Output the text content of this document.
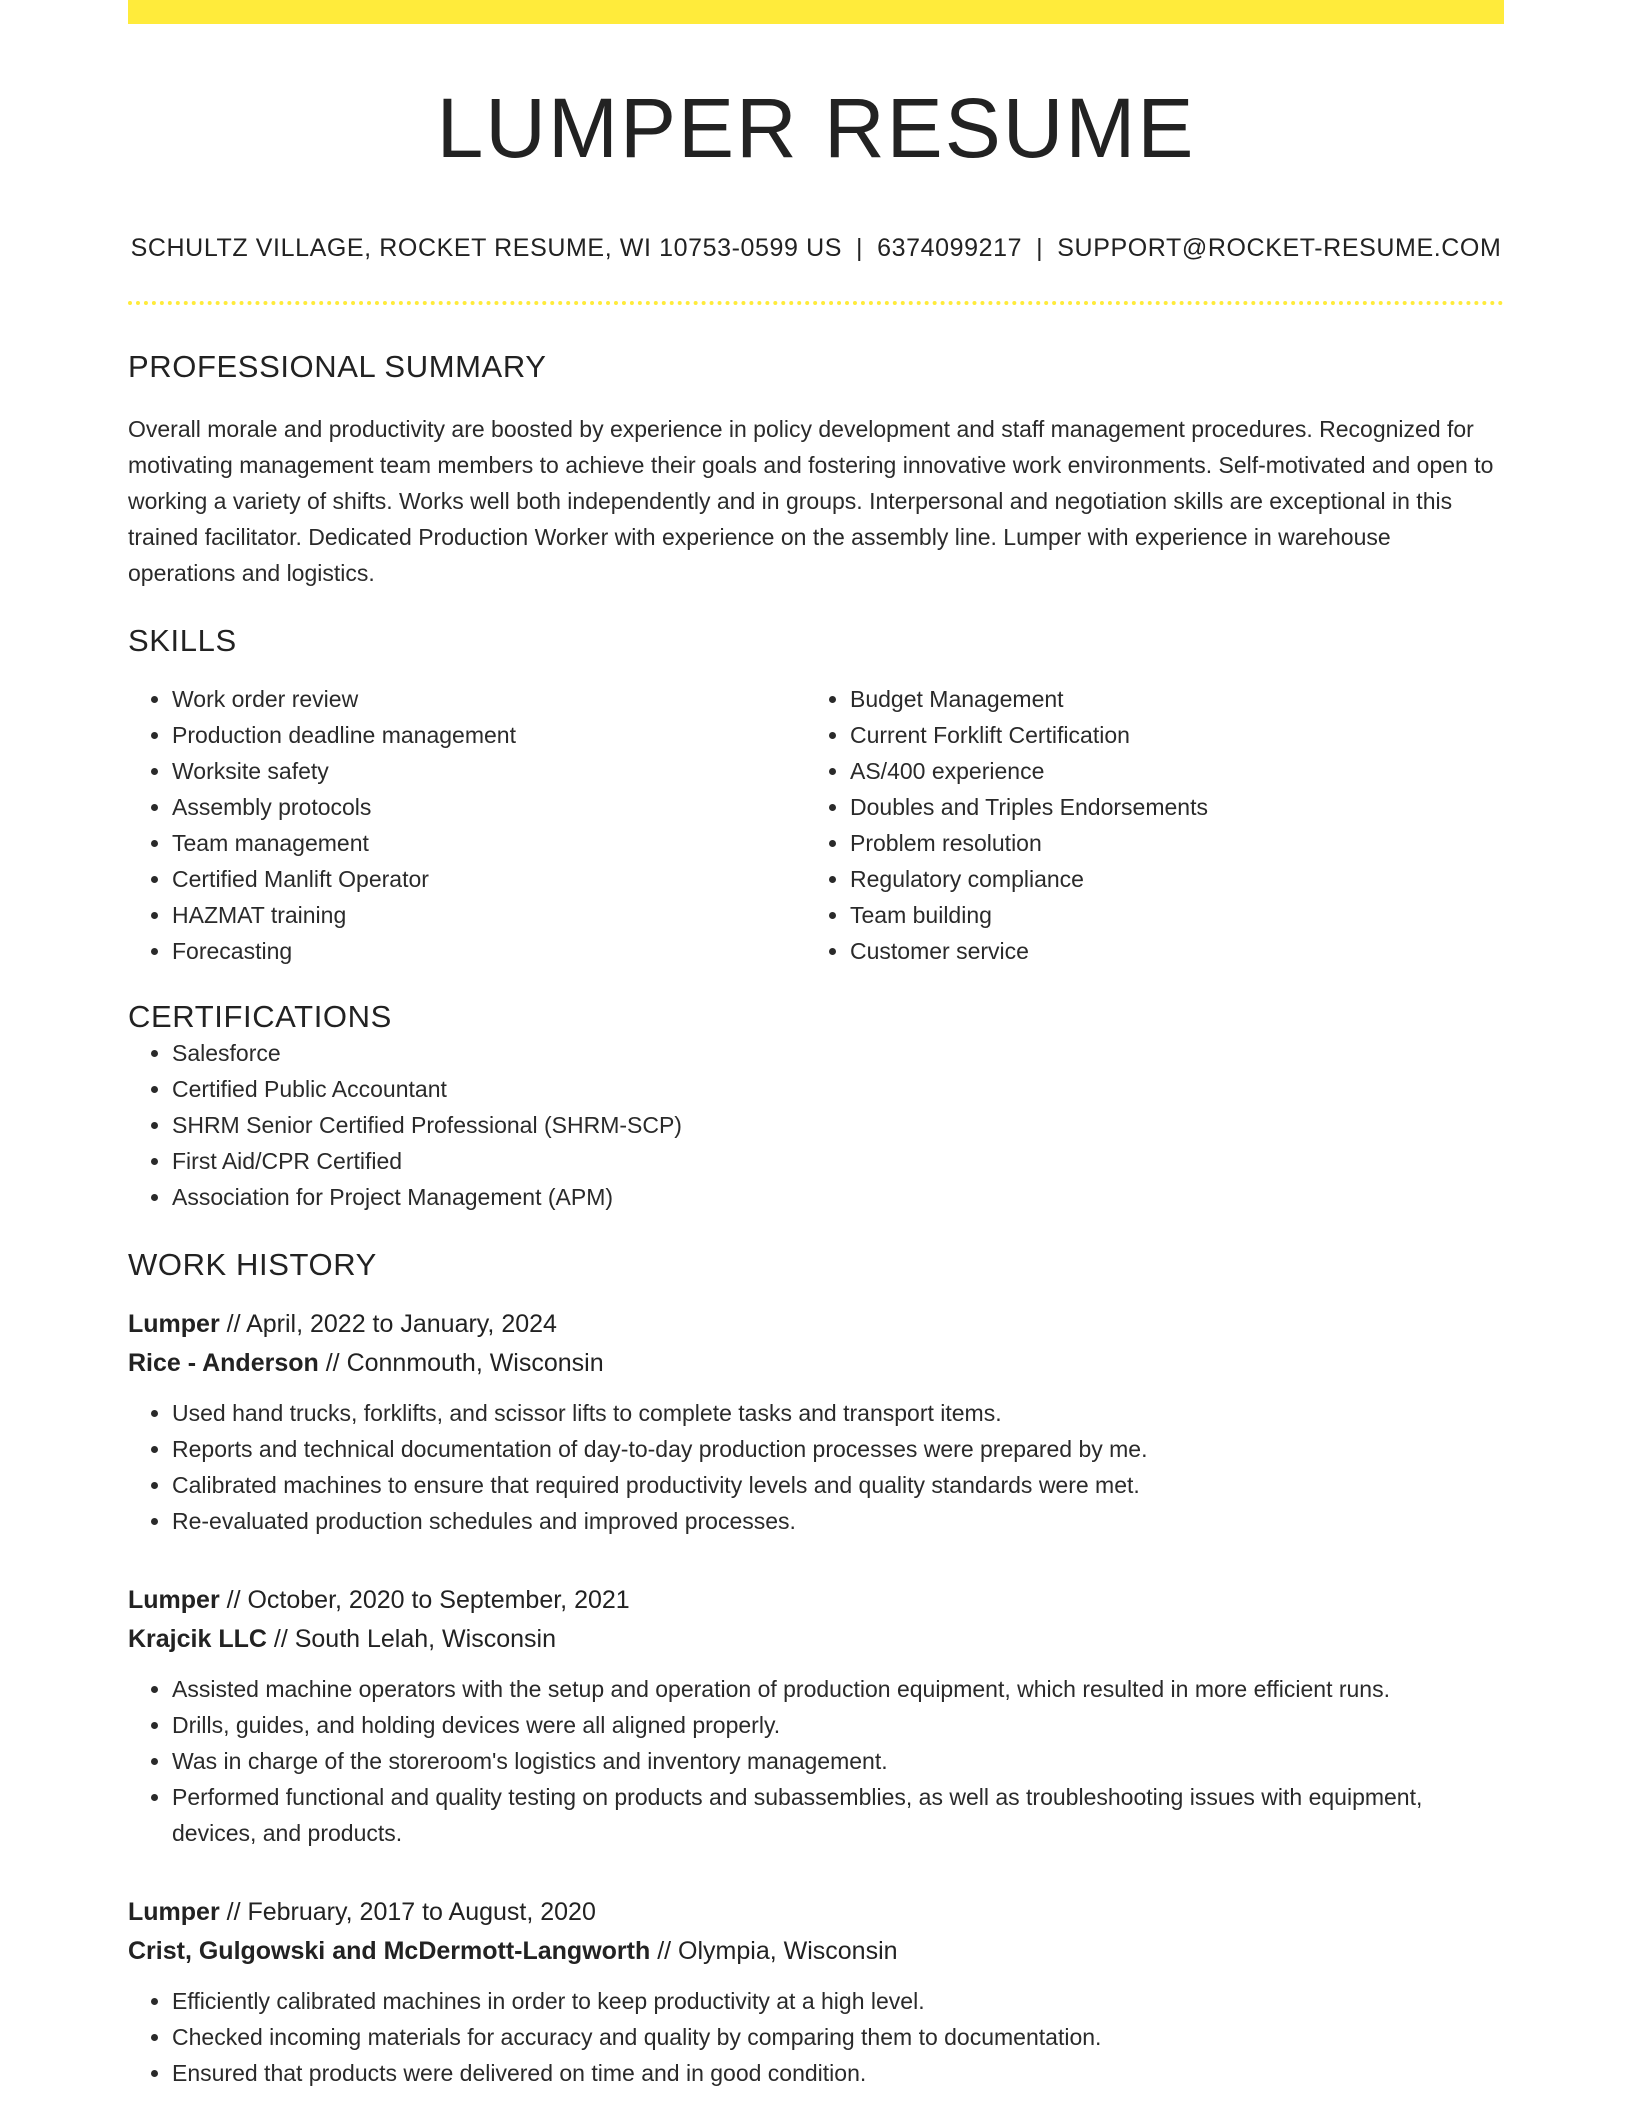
LUMPER RESUME
SCHULTZ VILLAGE, ROCKET RESUME, WI 10753-0599 US | 6374099217 | SUPPORT@ROCKET-RESUME.COM
PROFESSIONAL SUMMARY

Overall morale and productivity are boosted by experience in policy development and staff management procedures. Recognized for motivating management team members to achieve their goals and fostering innovative work environments. Self-motivated and open to working a variety of shifts. Works well both independently and in groups. Interpersonal and negotiation skills are exceptional in this trained facilitator. Dedicated Production Worker with experience on the assembly line. Lumper with experience in warehouse operations and logistics.

SKILLS
• Work order review
• Production deadline management
• Worksite safety
• Assembly protocols
• Team management
• Certified Manlift Operator
• HAZMAT training
• Forecasting
• Budget Management
• Current Forklift Certification
• AS/400 experience
• Doubles and Triples Endorsements
• Problem resolution
• Regulatory compliance
• Team building
• Customer service
CERTIFICATIONS
• Salesforce
• Certified Public Accountant
• SHRM Senior Certified Professional (SHRM-SCP)
• First Aid/CPR Certified
• Association for Project Management (APM)
WORK HISTORY
Lumper // April, 2022 to January, 2024
Rice - Anderson // Connmouth, Wisconsin
• Used hand trucks, forklifts, and scissor lifts to complete tasks and transport items.
• Reports and technical documentation of day-to-day production processes were prepared by me.
• Calibrated machines to ensure that required productivity levels and quality standards were met.
• Re-evaluated production schedules and improved processes.
Lumper // October, 2020 to September, 2021
Krajcik LLC // South Lelah, Wisconsin
• Assisted machine operators with the setup and operation of production equipment, which resulted in more efficient runs.
• Drills, guides, and holding devices were all aligned properly.
• Was in charge of the storeroom's logistics and inventory management.
• Performed functional and quality testing on products and subassemblies, as well as troubleshooting issues with equipment, devices, and products.
Lumper // February, 2017 to August, 2020
Crist, Gulgowski and McDermott-Langworth // Olympia, Wisconsin
• Efficiently calibrated machines in order to keep productivity at a high level.
• Checked incoming materials for accuracy and quality by comparing them to documentation.
• Ensured that products were delivered on time and in good condition.
